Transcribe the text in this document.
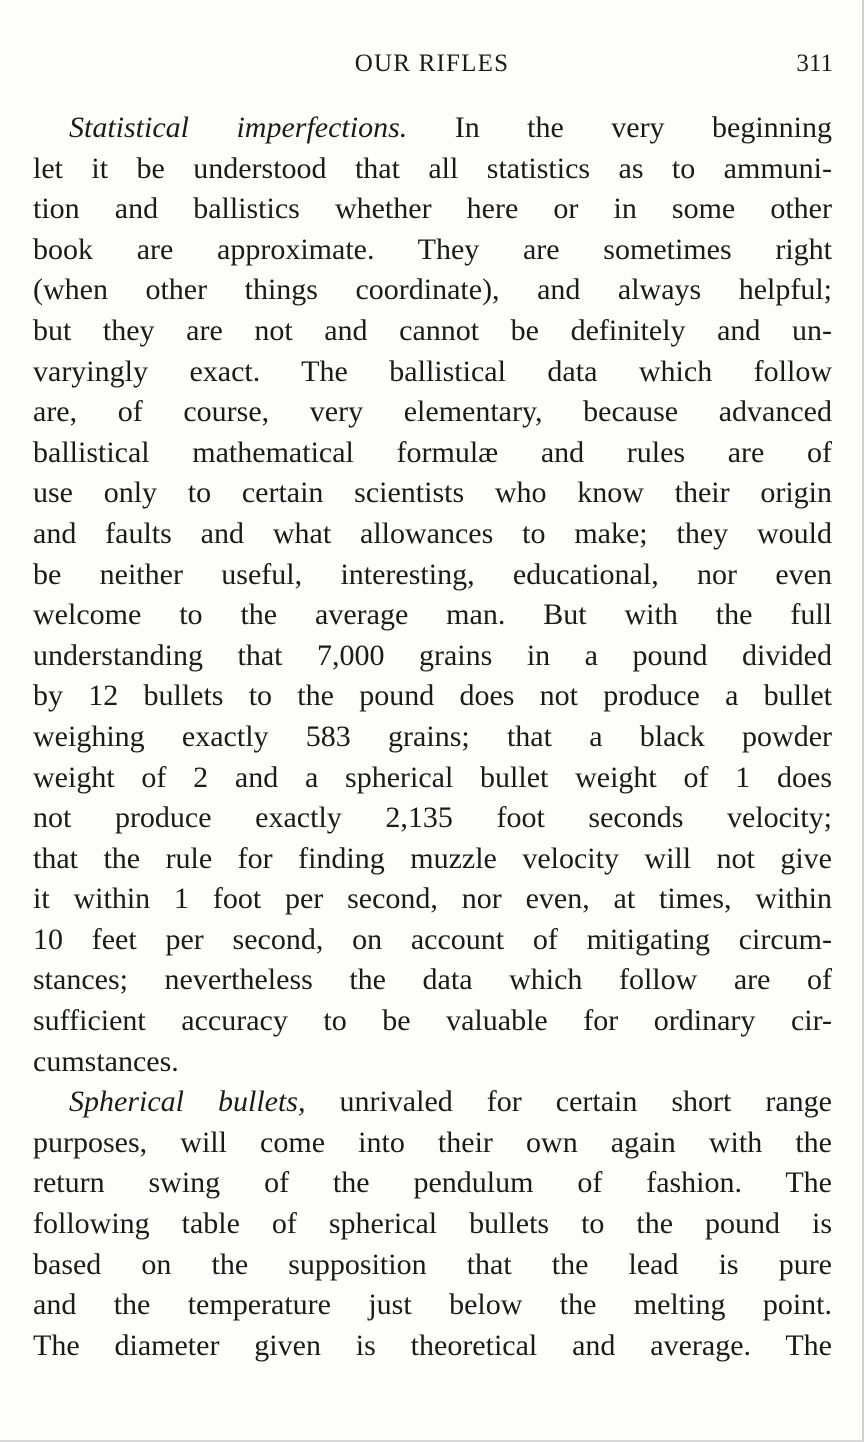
OUR RIFLES	311
Statistical imperfections. In the very beginning
let it be understood that all statistics as to ammuni-
tion and ballistics whether here or in some other
book are approximate. They are sometimes right
(when other things coordinate), and always helpful;
but they are not and cannot be definitely and un-
varyingly exact. The ballistical data which follow
are, of course, very elementary, because advanced
ballistical mathematical formulæ and rules are of
use only to certain scientists who know their origin
and faults and what allowances to make; they would
be neither useful, interesting, educational, nor even
welcome to the average man. But with the full
understanding that 7,000 grains in a pound divided
by 12 bullets to the pound does not produce a bullet
weighing exactly 583 grains; that a black powder
weight of 2 and a spherical bullet weight of 1 does
not produce exactly 2,135 foot seconds velocity;
that the rule for finding muzzle velocity will not give
it within 1 foot per second, nor even, at times, within
10 feet per second, on account of mitigating circum-
stances; nevertheless the data which follow are of
sufficient accuracy to be valuable for ordinary cir-
cumstances.
Spherical bullets, unrivaled for certain short range
purposes, will come into their own again with the
return swing of the pendulum of fashion. The
following table of spherical bullets to the pound is
based on the supposition that the lead is pure
and the temperature just below the melting point.
The diameter given is theoretical and average. The
